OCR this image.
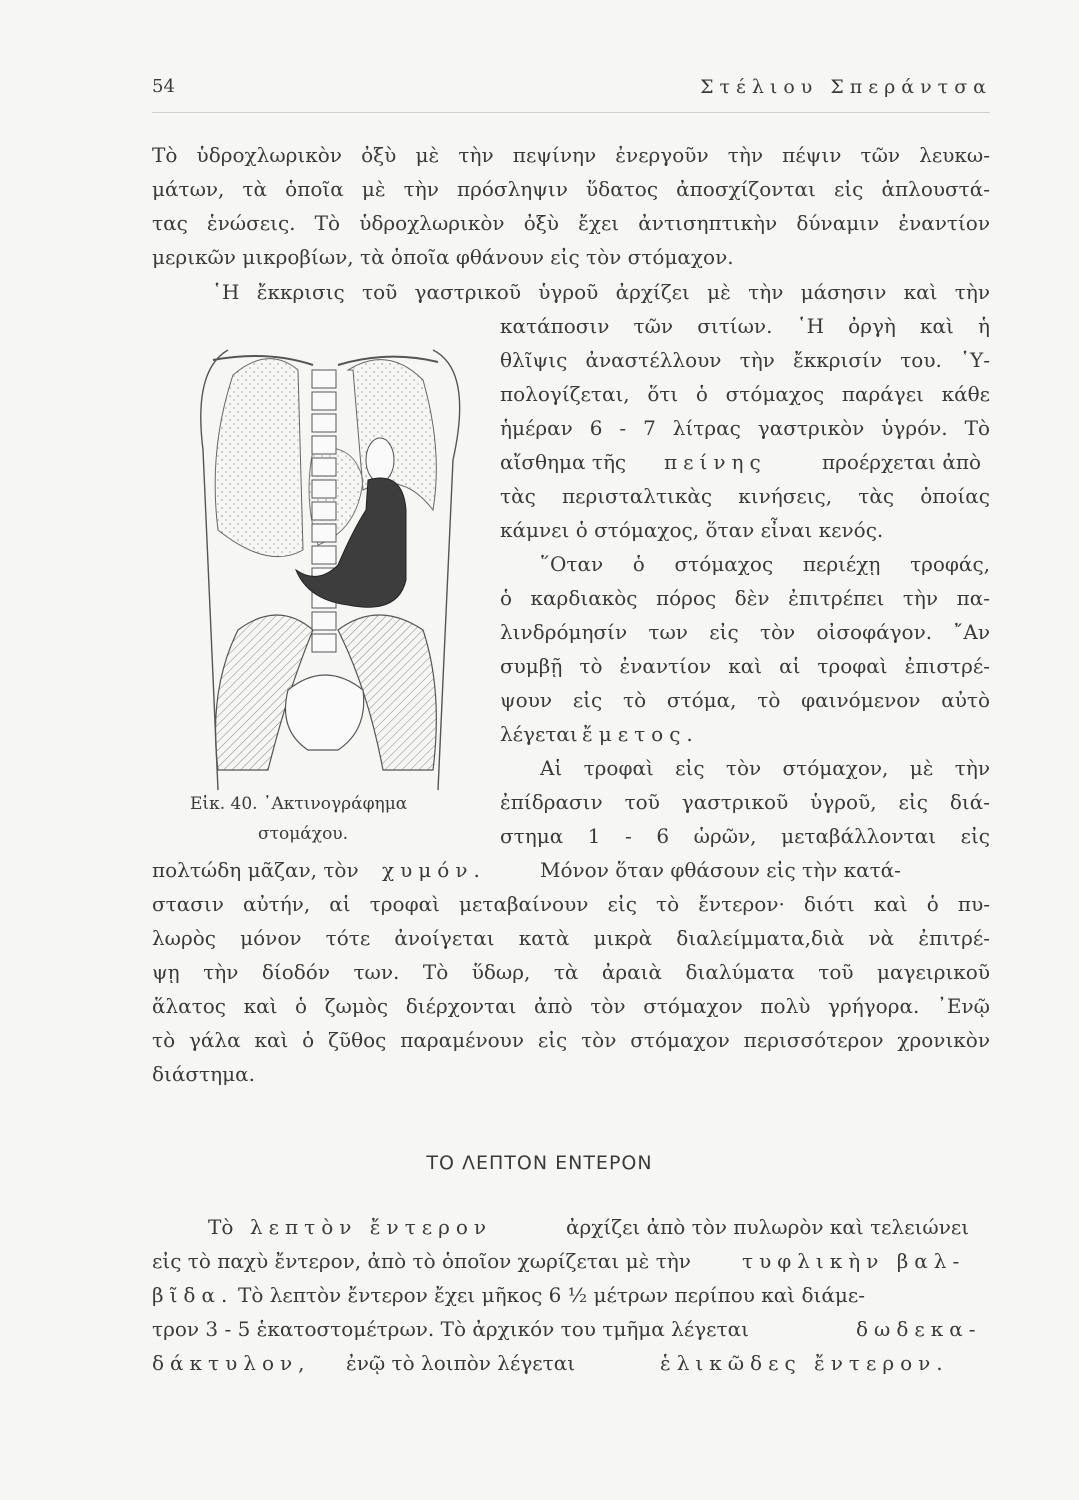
54	Στέλιου Σπεράντσα
Τὸ ὑδροχλωρικὸν ὀξὺ μὲ τὴν πεψίνην ἐνεργοῦν τὴν πέψιν τῶν λευκω-
μάτων, τὰ ὁποῖα μὲ τὴν πρόσληψιν ὕδατος ἀποσχίζονται εἰς ἁπλουστά-
τας ἑνώσεις. Τὸ ὑδροχλωρικὸν ὀξὺ ἔχει ἀντισηπτικὴν δύναμιν ἐναντίον
μερικῶν μικροβίων, τὰ ὁποῖα φθάνουν εἰς τὸν στόμαχον.
῾Η ἔκκρισις τοῦ γαστρικοῦ ὑγροῦ ἀρχίζει μὲ τὴν μάσησιν καὶ τὴν
Εἰκ. 40. ᾿Ακτινογράφημα
στομάχου.
κατάποσιν τῶν σιτίων. ῾Η ὀργὴ καὶ ἡ
θλῖψις ἀναστέλλουν τὴν ἔκκρισίν του. ῾Υ-
πολογίζεται, ὅτι ὁ στόμαχος παράγει κάθε
ἡμέραν 6 - 7 λίτρας γαστρικὸν ὑγρόν. Τὸ
αἴσθημα τῆς πείνης	προέρχεται ἀπὸ
τὰς περισταλτικὰς κινήσεις, τὰς ὁποίας
κάμνει ὁ στόμαχος, ὅταν εἶναι κενός.
῞Οταν ὁ στόμαχος περιέχῃ τροφάς,
ὁ καρδιακὸς πόρος δὲν ἐπιτρέπει τὴν πα-
λινδρόμησίν των εἰς τὸν οἰσοφάγον. ῎Αν
συμβῇ τὸ ἐναντίον καὶ αἱ τροφαὶ ἐπιστρέ-
ψουν εἰς τὸ στόμα, τὸ φαινόμενον αὐτὸ
λέγεται ἔμετος.
Αἱ τροφαὶ εἰς τὸν στόμαχον, μὲ τὴν
ἐπίδρασιν τοῦ γαστρικοῦ ὑγροῦ, εἰς διά-
στημα 1 - 6 ὡρῶν, μεταβάλλονται εἰς
πολτώδη μᾶζαν, τὸν χυμόν.	Μόνον ὅταν φθάσουν εἰς τὴν κατά-
στασιν αὐτήν, αἱ τροφαὶ μεταβαίνουν εἰς τὸ ἔντερον· διότι καὶ ὁ πυ-
λωρὸς μόνον τότε ἀνοίγεται κατὰ μικρὰ διαλείμματα,διὰ νὰ ἐπιτρέ-
ψῃ τὴν δίοδόν των. Τὸ ὕδωρ, τὰ ἀραιὰ διαλύματα τοῦ μαγειρικοῦ
ἅλατος καὶ ὁ ζωμὸς διέρχονται ἀπὸ τὸν στόμαχον πολὺ γρήγορα. ᾿Ενῷ
τὸ γάλα καὶ ὁ ζῦθος παραμένουν εἰς τὸν στόμαχον περισσότερον χρονικὸν
διάστημα.
ΤΟ ΛΕΠΤΟΝ ΕΝΤΕΡΟΝ
Τὸ λεπτὸν ἔντερον	ἀρχίζει ἀπὸ τὸν πυλωρὸν καὶ τελειώνει
εἰς τὸ παχὺ ἔντερον, ἀπὸ τὸ ὁποῖον χωρίζεται μὲ τὴν	τυφλικὴν βαλ-
βῖδα. Τὸ λεπτὸν ἔντερον ἔχει μῆκος 6 ½ μέτρων περίπου καὶ διάμε-
τρον 3 - 5 ἑκατοστομέτρων. Τὸ ἀρχικόν του τμῆμα λέγεται	δωδεκα-
δάκτυλον, ἐνῷ τὸ λοιπὸν λέγεται	ἑλικῶδες ἔντερον.
